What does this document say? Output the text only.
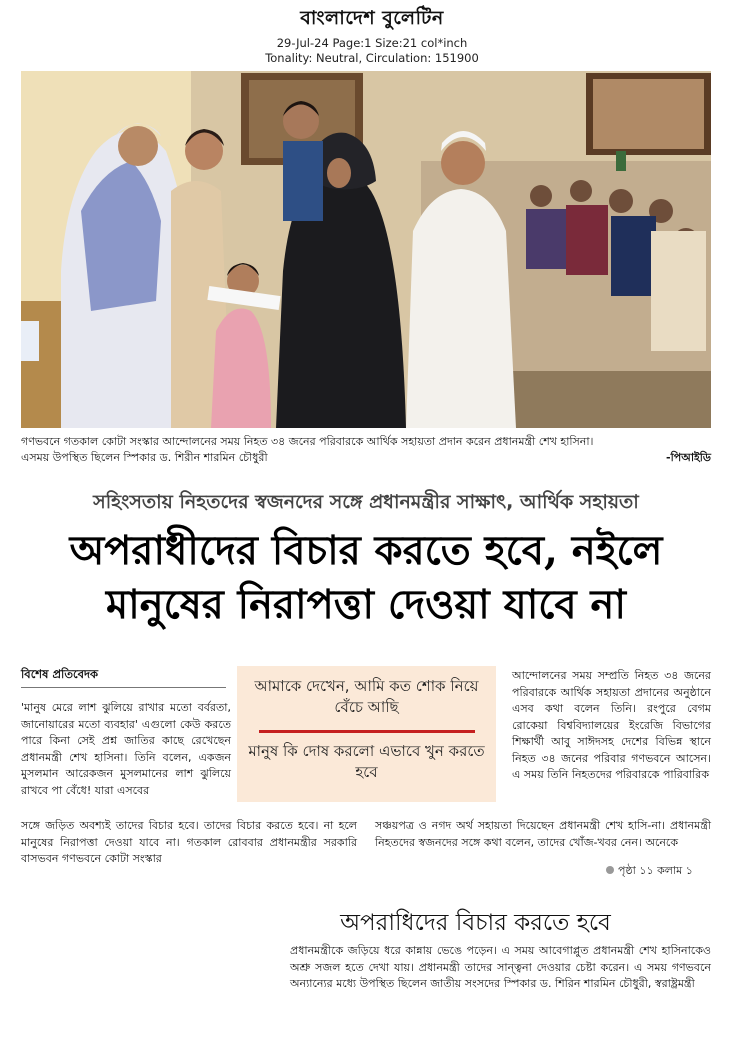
বাংলাদেশ বুলেটিন
29-Jul-24 Page:1 Size:21 col*inch
Tonality: Neutral, Circulation: 151900
গণভবনে গতকাল কোটা সংস্কার আন্দোলনের সময় নিহত ৩৪ জনের পরিবারকে আর্থিক সহায়তা প্রদান করেন প্রধানমন্ত্রী শেখ হাসিনা।
এসময় উপস্থিত ছিলেন স্পিকার ড. শিরীন শারমিন চৌধুরী	-পিআইডি
সহিংসতায় নিহতদের স্বজনদের সঙ্গে প্রধানমন্ত্রীর সাক্ষাৎ, আর্থিক সহায়তা
অপরাধীদের বিচার করতে হবে, নইলে
মানুষের নিরাপত্তা দেওয়া যাবে না
বিশেষ প্রতিবেদক
'মানুষ মেরে লাশ ঝুলিয়ে রাখার মতো বর্বরতা, জানোয়ারের মতো ব্যবহার' এগুলো কেউ করতে পারে কিনা সেই প্রশ্ন জাতির কাছে রেখেছেন প্রধানমন্ত্রী শেখ হাসিনা। তিনি বলেন, একজন মুসলমান আরেকজন মুসলমানের লাশ ঝুলিয়ে রাখবে পা বেঁধে! যারা এসবের
আমাকে দেখেন, আমি কত শোক নিয়ে বেঁচে আছি
মানুষ কি দোষ করলো এভাবে খুন করতে হবে
আন্দোলনের সময় সম্প্রতি নিহত ৩৪ জনের পরিবারকে আর্থিক সহায়তা প্রদানের অনুষ্ঠানে এসব কথা বলেন তিনি। রংপুরে বেগম রোকেয়া বিশ্ববিদ্যালয়ের ইংরেজি বিভাগের শিক্ষার্থী আবু সাঈদসহ দেশের বিভিন্ন স্থানে নিহত ৩৪ জনের পরিবার গণভবনে আসেন। এ সময় তিনি নিহতদের পরিবারকে পারিবারিক
সঙ্গে জড়িত অবশ্যই তাদের বিচার হবে। তাদের বিচার করতে হবে। না হলে মানুষের নিরাপত্তা দেওয়া যাবে না। গতকাল রোববার প্রধানমন্ত্রীর সরকারি বাসভবন গণভবনে কোটা সংস্কার
সঞ্চয়পত্র ও নগদ অর্থ সহায়তা দিয়েছেন প্রধানমন্ত্রী শেখ হাসি-না। প্রধানমন্ত্রী নিহতদের স্বজনদের সঙ্গে কথা বলেন, তাদের খোঁজ-খবর নেন। অনেকে
পৃষ্ঠা ১১ কলাম ১
অপরাধিদের বিচার করতে হবে
প্রধানমন্ত্রীকে জড়িয়ে ধরে কান্নায় ভেঙে পড়েন। এ সময় আবেগাপ্লুত প্রধানমন্ত্রী শেখ হাসিনাকেও অশ্রু সজল হতে দেখা যায়। প্রধানমন্ত্রী তাদের সান্ত্বনা দেওয়ার চেষ্টা করেন। এ সময় গণভবনে অন্যান্যের মধ্যে উপস্থিত ছিলেন জাতীয় সংসদের স্পিকার ড. শিরিন শারমিন চৌধুরী, স্বরাষ্ট্রমন্ত্রী
